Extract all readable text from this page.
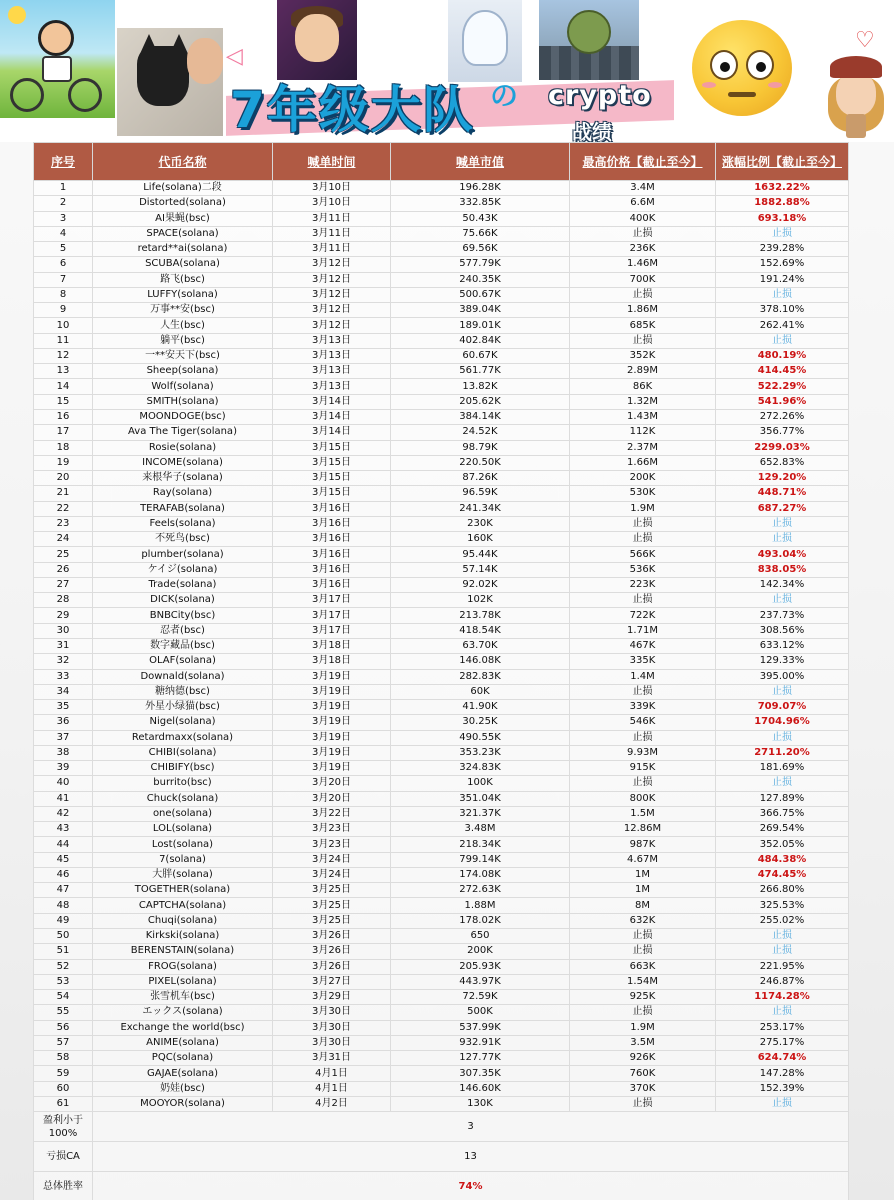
♡
◁
7年级大队 の crypto
战绩
序号	代币名称	喊单时间	喊单市值	最高价格【截止至今】	涨幅比例【截止至今】
1	Life(solana)二段	3月10日	196.28K	3.4M	1632.22%
2	Distorted(solana)	3月10日	332.85K	6.6M	1882.88%
3	AI果蝇(bsc)	3月11日	50.43K	400K	693.18%
4	SPACE(solana)	3月11日	75.66K	止损	止损
5	retard**ai(solana)	3月11日	69.56K	236K	239.28%
6	SCUBA(solana)	3月12日	577.79K	1.46M	152.69%
7	路飞(bsc)	3月12日	240.35K	700K	191.24%
8	LUFFY(solana)	3月12日	500.67K	止损	止损
9	万事**安(bsc)	3月12日	389.04K	1.86M	378.10%
10	人生(bsc)	3月12日	189.01K	685K	262.41%
11	躺平(bsc)	3月13日	402.84K	止损	止损
12	一**安天下(bsc)	3月13日	60.67K	352K	480.19%
13	Sheep(solana)	3月13日	561.77K	2.89M	414.45%
14	Wolf(solana)	3月13日	13.82K	86K	522.29%
15	SMITH(solana)	3月14日	205.62K	1.32M	541.96%
16	MOONDOGE(bsc)	3月14日	384.14K	1.43M	272.26%
17	Ava The Tiger(solana)	3月14日	24.52K	112K	356.77%
18	Rosie(solana)	3月15日	98.79K	2.37M	2299.03%
19	INCOME(solana)	3月15日	220.50K	1.66M	652.83%
20	来根华子(solana)	3月15日	87.26K	200K	129.20%
21	Ray(solana)	3月15日	96.59K	530K	448.71%
22	TERAFAB(solana)	3月16日	241.34K	1.9M	687.27%
23	Feels(solana)	3月16日	230K	止损	止损
24	不死鸟(bsc)	3月16日	160K	止损	止损
25	plumber(solana)	3月16日	95.44K	566K	493.04%
26	ケイジ(solana)	3月16日	57.14K	536K	838.05%
27	Trade(solana)	3月16日	92.02K	223K	142.34%
28	DICK(solana)	3月17日	102K	止损	止损
29	BNBCity(bsc)	3月17日	213.78K	722K	237.73%
30	忍者(bsc)	3月17日	418.54K	1.71M	308.56%
31	数字藏品(bsc)	3月18日	63.70K	467K	633.12%
32	OLAF(solana)	3月18日	146.08K	335K	129.33%
33	Downald(solana)	3月19日	282.83K	1.4M	395.00%
34	糖纳德(bsc)	3月19日	60K	止损	止损
35	外星小绿猫(bsc)	3月19日	41.90K	339K	709.07%
36	Nigel(solana)	3月19日	30.25K	546K	1704.96%
37	Retardmaxx(solana)	3月19日	490.55K	止损	止损
38	CHIBI(solana)	3月19日	353.23K	9.93M	2711.20%
39	CHIBIFY(bsc)	3月19日	324.83K	915K	181.69%
40	burrito(bsc)	3月20日	100K	止损	止损
41	Chuck(solana)	3月20日	351.04K	800K	127.89%
42	one(solana)	3月22日	321.37K	1.5M	366.75%
43	LOL(solana)	3月23日	3.48M	12.86M	269.54%
44	Lost(solana)	3月23日	218.34K	987K	352.05%
45	7(solana)	3月24日	799.14K	4.67M	484.38%
46	大胖(solana)	3月24日	174.08K	1M	474.45%
47	TOGETHER(solana)	3月25日	272.63K	1M	266.80%
48	CAPTCHA(solana)	3月25日	1.88M	8M	325.53%
49	Chuqi(solana)	3月25日	178.02K	632K	255.02%
50	Kirkski(solana)	3月26日	650	止损	止损
51	BERENSTAIN(solana)	3月26日	200K	止损	止损
52	FROG(solana)	3月26日	205.93K	663K	221.95%
53	PIXEL(solana)	3月27日	443.97K	1.54M	246.87%
54	张雪机车(bsc)	3月29日	72.59K	925K	1174.28%
55	エックス(solana)	3月30日	500K	止损	止损
56	Exchange the world(bsc)	3月30日	537.99K	1.9M	253.17%
57	ANIME(solana)	3月30日	932.91K	3.5M	275.17%
58	PQC(solana)	3月31日	127.77K	926K	624.74%
59	GAJAE(solana)	4月1日	307.35K	760K	147.28%
60	奶娃(bsc)	4月1日	146.60K	370K	152.39%
61	MOOYOR(solana)	4月2日	130K	止损	止损
盈利小于100%	3				
亏损CA	13				
总体胜率	74%				
